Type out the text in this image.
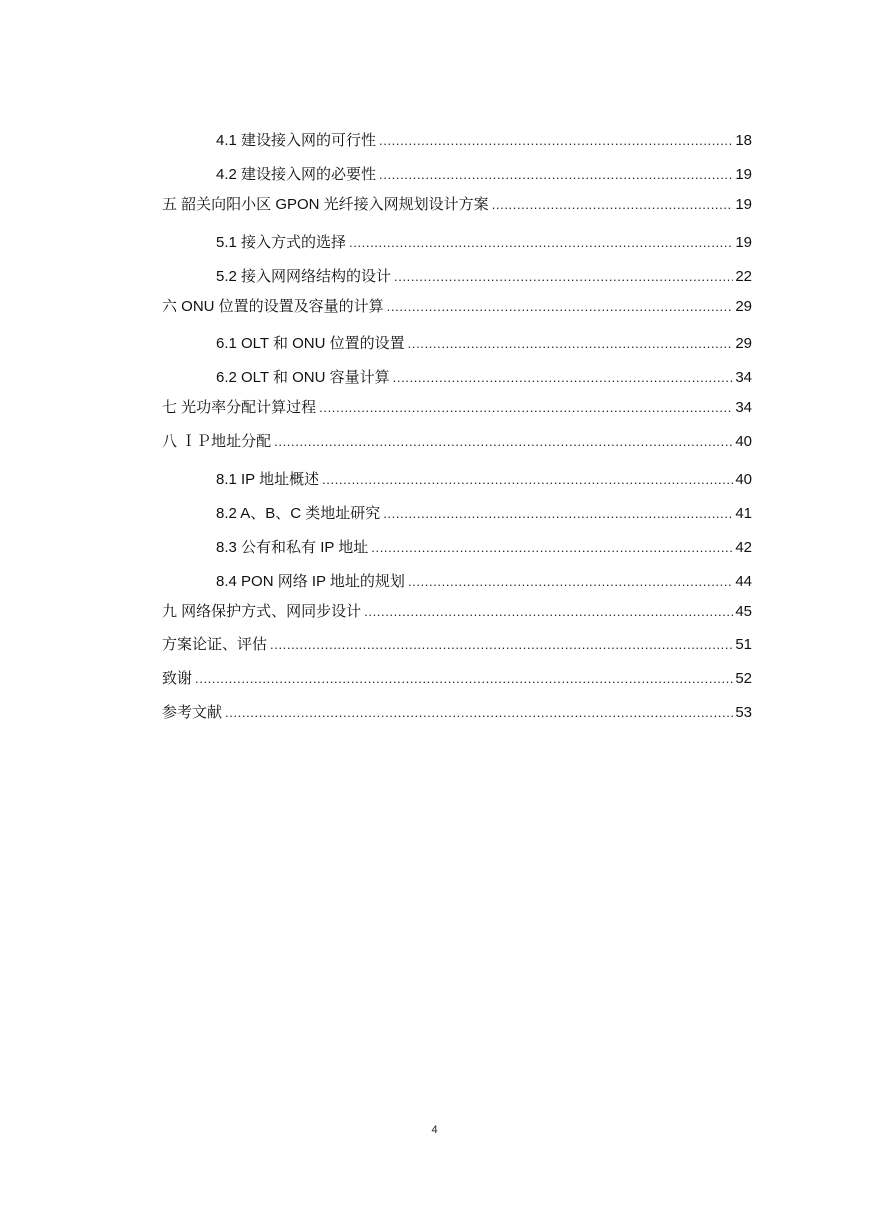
4.1 建设接入网的可行性 .....	18
4.2 建设接入网的必要性 .....	19
五 韶关向阳小区 GPON 光纤接入网规划设计方案 .....	19
5.1 接入方式的选择 .....	19
5.2 接入网网络结构的设计 .....	22
六 ONU 位置的设置及容量的计算 .....	29
6.1 OLT 和 ONU 位置的设置 .....	29
6.2 OLT 和 ONU 容量计算 .....	34
七 光功率分配计算过程 .....	34
八 ＩＰ地址分配 .....	40
8.1 IP 地址概述 .....	40
8.2 A、B、C 类地址研究 .....	41
8.3 公有和私有 IP 地址 .....	42
8.4 PON 网络 IP 地址的规划 .....	44
九 网络保护方式、网同步设计 .....	45
方案论证、评估 .....	51
致谢 .....	52
参考文献 .....	53
4
